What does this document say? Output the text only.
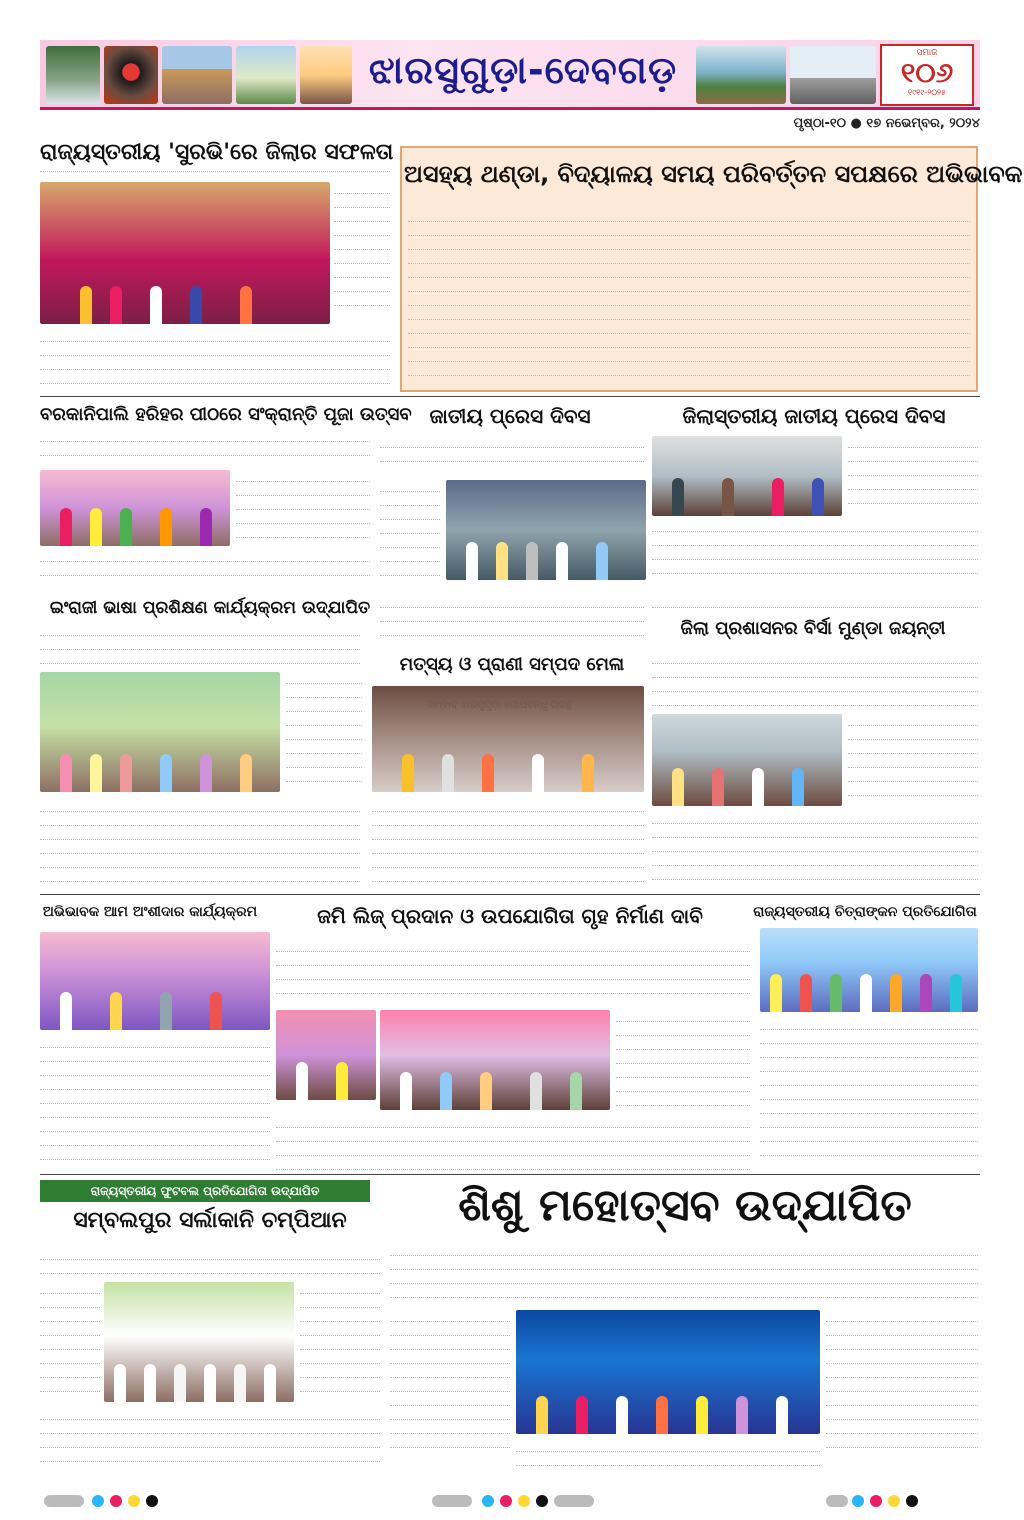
ଝାରସୁଗୁଡ଼ା-ଦେବଗଡ଼	ସମାଜ
୧୦୬
୧୯୧୯-୨୦୨୫
ପୃଷ୍ଠା-୧୦ ● ୧୭ ନଭେମ୍ବର, ୨୦୨୪
ରାଜ୍ୟସ୍ତରୀୟ 'ସୁରଭି'ରେ ଜିଲାର ସଫଳତା
ଅସହ୍ୟ ଥଣ୍ଡା, ବିଦ୍ୟାଳୟ ସମୟ ପରିବର୍ତ୍ତନ ସପକ୍ଷରେ ଅଭିଭାବକ
ବରକାନିପାଲି ହରିହର ପୀଠରେ ସଂକ୍ରାନ୍ତି ପୂଜା ଉତ୍ସବ ଜାତୀୟ ପ୍ରେସ ଦିବସ	ଜିଲାସ୍ତରୀୟ ଜାତୀୟ ପ୍ରେସ ଦିବସ
ଇଂରାଜୀ ଭାଷା ପ୍ରଶିକ୍ଷଣ କାର୍ଯ୍ୟକ୍ରମ ଉଦ୍‌ଯାପିତ
ମତ୍ସ୍ୟ ଓ ପ୍ରାଣୀ ସମ୍ପଦ ମେଳା
ଜିଲା ପ୍ରଶାସନର ବିର୍ସା ମୁଣ୍ଡା ଜୟନ୍ତୀ
ସମ୍ବାଦ ଝାରସୁଗୁଡ଼ା ଗୋପବନ୍ଧୁ ଗ୍ରନ୍ଥ
ଅଭିଭାବକ ଆମ ଅଂଶୀଦାର କାର୍ଯ୍ୟକ୍ରମ	ଜମି ଲିଜ୍ ପ୍ରଦାନ ଓ ଉପଯୋଗିତା ଗୃହ ନିର୍ମାଣ ଦାବି	ରାଜ୍ୟସ୍ତରୀୟ ଚିତ୍ରାଙ୍କନ ପ୍ରତିଯୋଗିତା
ରାଜ୍ୟସ୍ତରୀୟ ଫୁଟବଲ ପ୍ରତିଯୋଗିତା ଉଦ୍‌ଯାପିତ
ସମ୍ବଲପୁର ସର୍ଲାକାନି ଚମ୍ପିଆନ	ଶିଶୁ ମହୋତ୍ସବ ଉଦ୍‌ଯାପିତ
